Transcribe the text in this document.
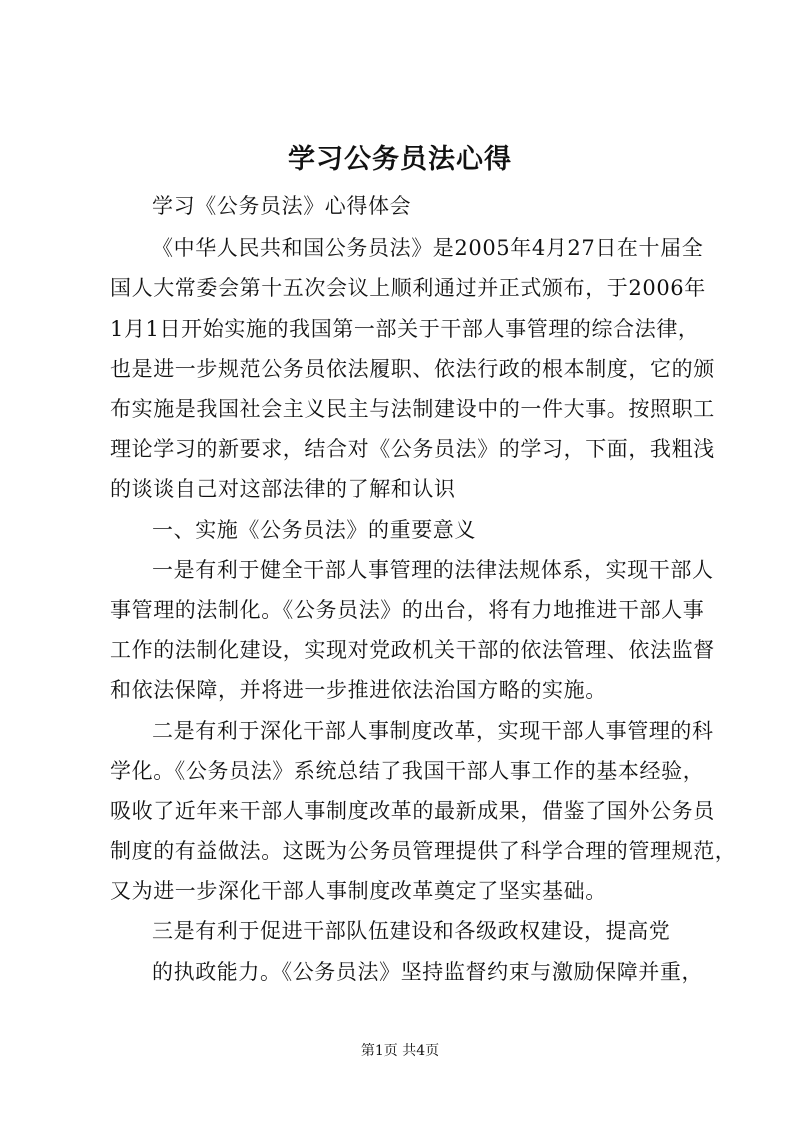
学习公务员法心得
学习《公务员法》心得体会
《中华人民共和国公务员法》是2005年4月27日在十届全
国人大常委会第十五次会议上顺利通过并正式颁布，于2006年
1月1日开始实施的我国第一部关于干部人事管理的综合法律，
也是进一步规范公务员依法履职、依法行政的根本制度，它的颁
布实施是我国社会主义民主与法制建设中的一件大事。按照职工
理论学习的新要求，结合对《公务员法》的学习，下面，我粗浅
的谈谈自己对这部法律的了解和认识
一、实施《公务员法》的重要意义
一是有利于健全干部人事管理的法律法规体系，实现干部人
事管理的法制化。《公务员法》的出台，将有力地推进干部人事
工作的法制化建设，实现对党政机关干部的依法管理、依法监督
和依法保障，并将进一步推进依法治国方略的实施。
二是有利于深化干部人事制度改革，实现干部人事管理的科
学化。《公务员法》系统总结了我国干部人事工作的基本经验，
吸收了近年来干部人事制度改革的最新成果，借鉴了国外公务员
制度的有益做法。这既为公务员管理提供了科学合理的管理规范，
又为进一步深化干部人事制度改革奠定了坚实基础。
三是有利于促进干部队伍建设和各级政权建设，提高党
的执政能力。《公务员法》坚持监督约束与激励保障并重，
第1页 共4页
